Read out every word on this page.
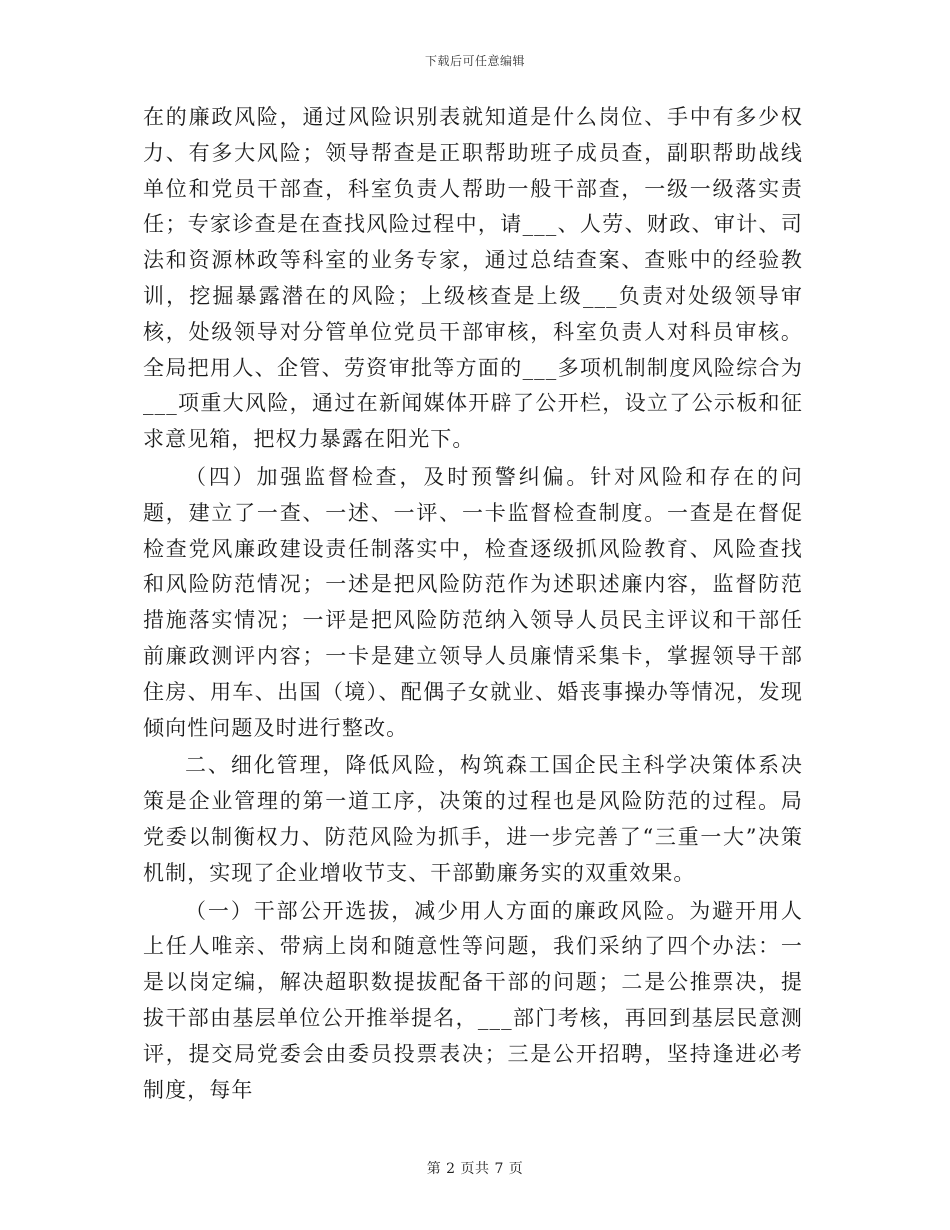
下载后可任意编辑

在的廉政风险，通过风险识别表就知道是什么岗位、手中有多少权力、有多大风险；领导帮查是正职帮助班子成员查，副职帮助战线单位和党员干部查，科室负责人帮助一般干部查，一级一级落实责任；专家诊查是在查找风险过程中，请___、人劳、财政、审计、司法和资源林政等科室的业务专家，通过总结查案、查账中的经验教训，挖掘暴露潜在的风险；上级核查是上级___负责对处级领导审核，处级领导对分管单位党员干部审核，科室负责人对科员审核。全局把用人、企管、劳资审批等方面的___多项机制制度风险综合为___项重大风险，通过在新闻媒体开辟了公开栏，设立了公示板和征求意见箱，把权力暴露在阳光下。

（四）加强监督检查，及时预警纠偏。针对风险和存在的问题，建立了一查、一述、一评、一卡监督检查制度。一查是在督促检查党风廉政建设责任制落实中，检查逐级抓风险教育、风险查找和风险防范情况；一述是把风险防范作为述职述廉内容，监督防范措施落实情况；一评是把风险防范纳入领导人员民主评议和干部任前廉政测评内容；一卡是建立领导人员廉情采集卡，掌握领导干部住房、用车、出国（境）、配偶子女就业、婚丧事操办等情况，发现倾向性问题及时进行整改。

二、细化管理，降低风险，构筑森工国企民主科学决策体系决策是企业管理的第一道工序，决策的过程也是风险防范的过程。局党委以制衡权力、防范风险为抓手，进一步完善了“三重一大”决策机制，实现了企业增收节支、干部勤廉务实的双重效果。

（一）干部公开选拔，减少用人方面的廉政风险。为避开用人上任人唯亲、带病上岗和随意性等问题，我们采纳了四个办法：一是以岗定编，解决超职数提拔配备干部的问题；二是公推票决，提拔干部由基层单位公开推举提名，___部门考核，再回到基层民意测评，提交局党委会由委员投票表决；三是公开招聘，坚持逢进必考制度，每年

第 2 页共 7 页
